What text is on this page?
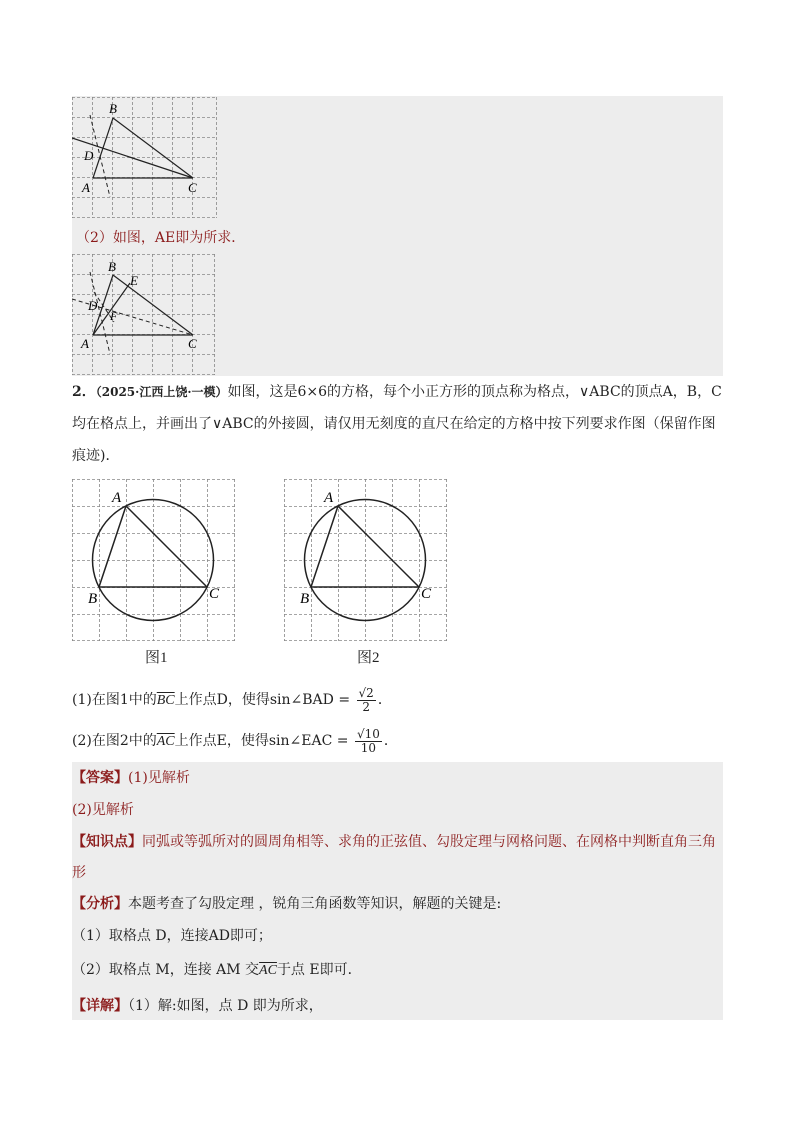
B
D
A	C
（2）如图，AE即为所求．
B
E
D
F
A	C
2．（2025·江西上饶·一模）如图，这是6×6的方格，每个小正方形的顶点称为格点，∨ABC的顶点A，B，C
均在格点上，并画出了∨ABC的外接圆，请仅用无刻度的直尺在给定的方格中按下列要求作图（保留作图
痕迹)．
A
B	C
图1
A
B	C
图2
(1)在图1中的$\overline{BC}$上作点D，使得sin∠BAD = $\frac{√2}{2}$ ．
(2)在图2中的$\overline{AC}$上作点E，使得sin∠EAC = $\frac{√10}{10}$ ．
【答案】(1)见解析
(2)见解析
【知识点】同弧或等弧所对的圆周角相等、求角的正弦值、勾股定理与网格问题、在网格中判断直角三角
形
【分析】本题考查了勾股定理 ，锐角三角函数等知识，解题的关键是:
（1）取格点 D，连接AD即可；
（2）取格点 M，连接 AM 交$\overline{AC}$于点 E即可．
【详解】（1）解:如图，点 D 即为所求，
